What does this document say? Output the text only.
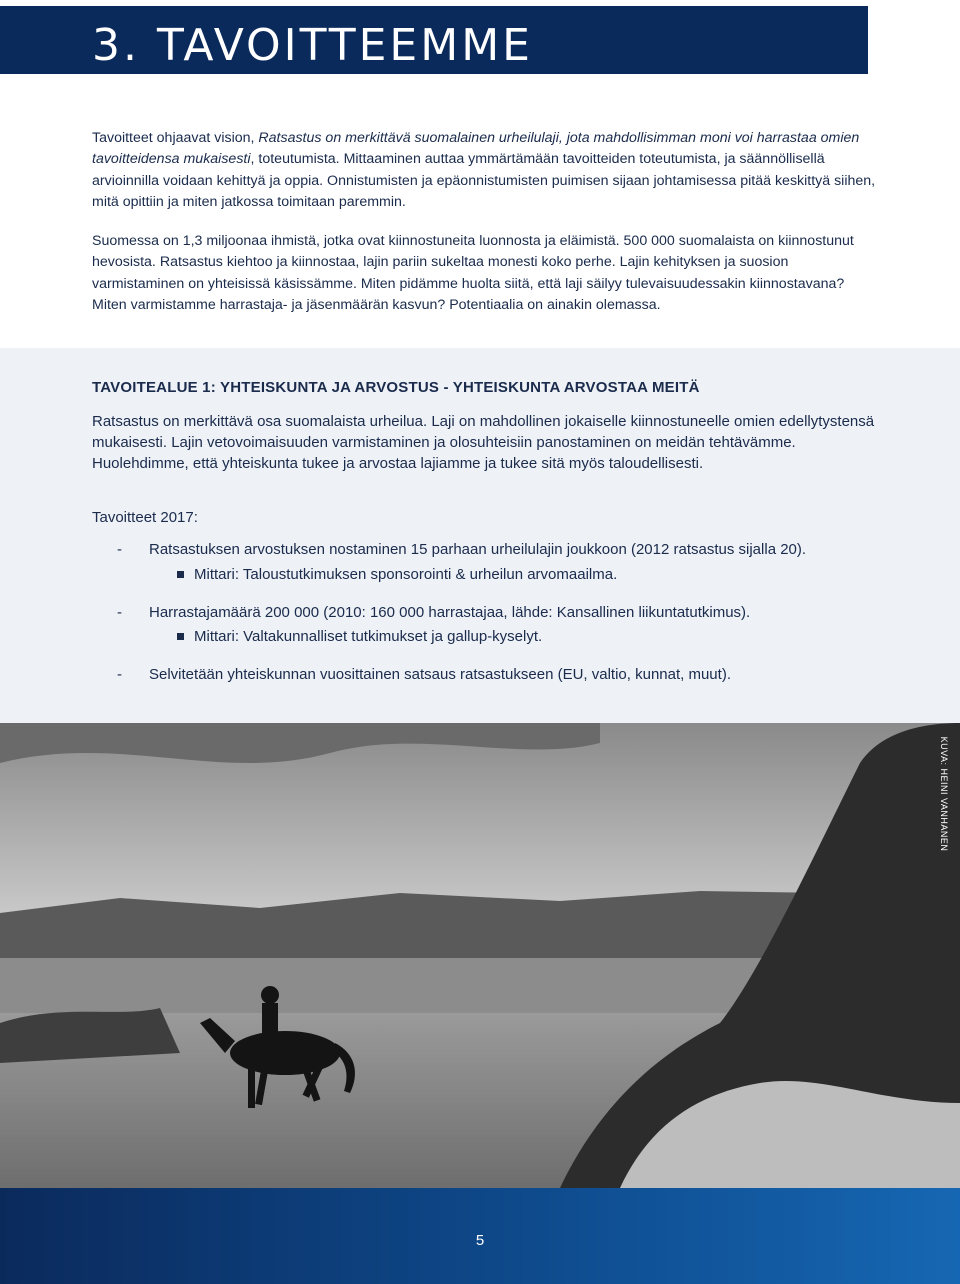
3. TAVOITTEEMME

Tavoitteet ohjaavat vision, Ratsastus on merkittävä suomalainen urheilulaji, jota mahdollisimman moni voi harrastaa omien tavoitteidensa mukaisesti, toteutumista. Mittaaminen auttaa ymmärtämään tavoitteiden toteutumista, ja säännöllisellä arvioinnilla voidaan kehittyä ja oppia. Onnistumisten ja epäonnistumisten puimisen sijaan johtamisessa pitää keskittyä siihen, mitä opittiin ja miten jatkossa toimitaan paremmin.

Suomessa on 1,3 miljoonaa ihmistä, jotka ovat kiinnostuneita luonnosta ja eläimistä. 500 000 suomalaista on kiinnostunut hevosista. Ratsastus kiehtoo ja kiinnostaa, lajin pariin sukeltaa monesti koko perhe. Lajin kehityksen ja suosion varmistaminen on yhteisissä käsissämme. Miten pidämme huolta siitä, että laji säilyy tulevaisuudessakin kiinnostavana? Miten varmistamme harrastaja- ja jäsenmäärän kasvun? Potentiaalia on ainakin olemassa.

TAVOITEALUE 1: YHTEISKUNTA JA ARVOSTUS - YHTEISKUNTA ARVOSTAA MEITÄ

Ratsastus on merkittävä osa suomalaista urheilua. Laji on mahdollinen jokaiselle kiinnostuneelle omien edellytystensä mukaisesti. Lajin vetovoimaisuuden varmistaminen ja olosuhteisiin panostaminen on meidän tehtävämme. Huolehdimme, että yhteiskunta tukee ja arvostaa lajiamme ja tukee sitä myös taloudellisesti.

Tavoitteet 2017:
- Ratsastuksen arvostuksen nostaminen 15 parhaan urheilulajin joukkoon (2012 ratsastus sijalla 20).
Mittari: Taloustutkimuksen sponsorointi & urheilun arvomaailma.
- Harrastajamäärä 200 000 (2010: 160 000 harrastajaa, lähde: Kansallinen liikuntatutkimus).
Mittari: Valtakunnalliset tutkimukset ja gallup-kyselyt.
- Selvitetään yhteiskunnan vuosittainen satsaus ratsastukseen (EU, valtio, kunnat, muut).
KUVA: HEINI VANHANEN
5
